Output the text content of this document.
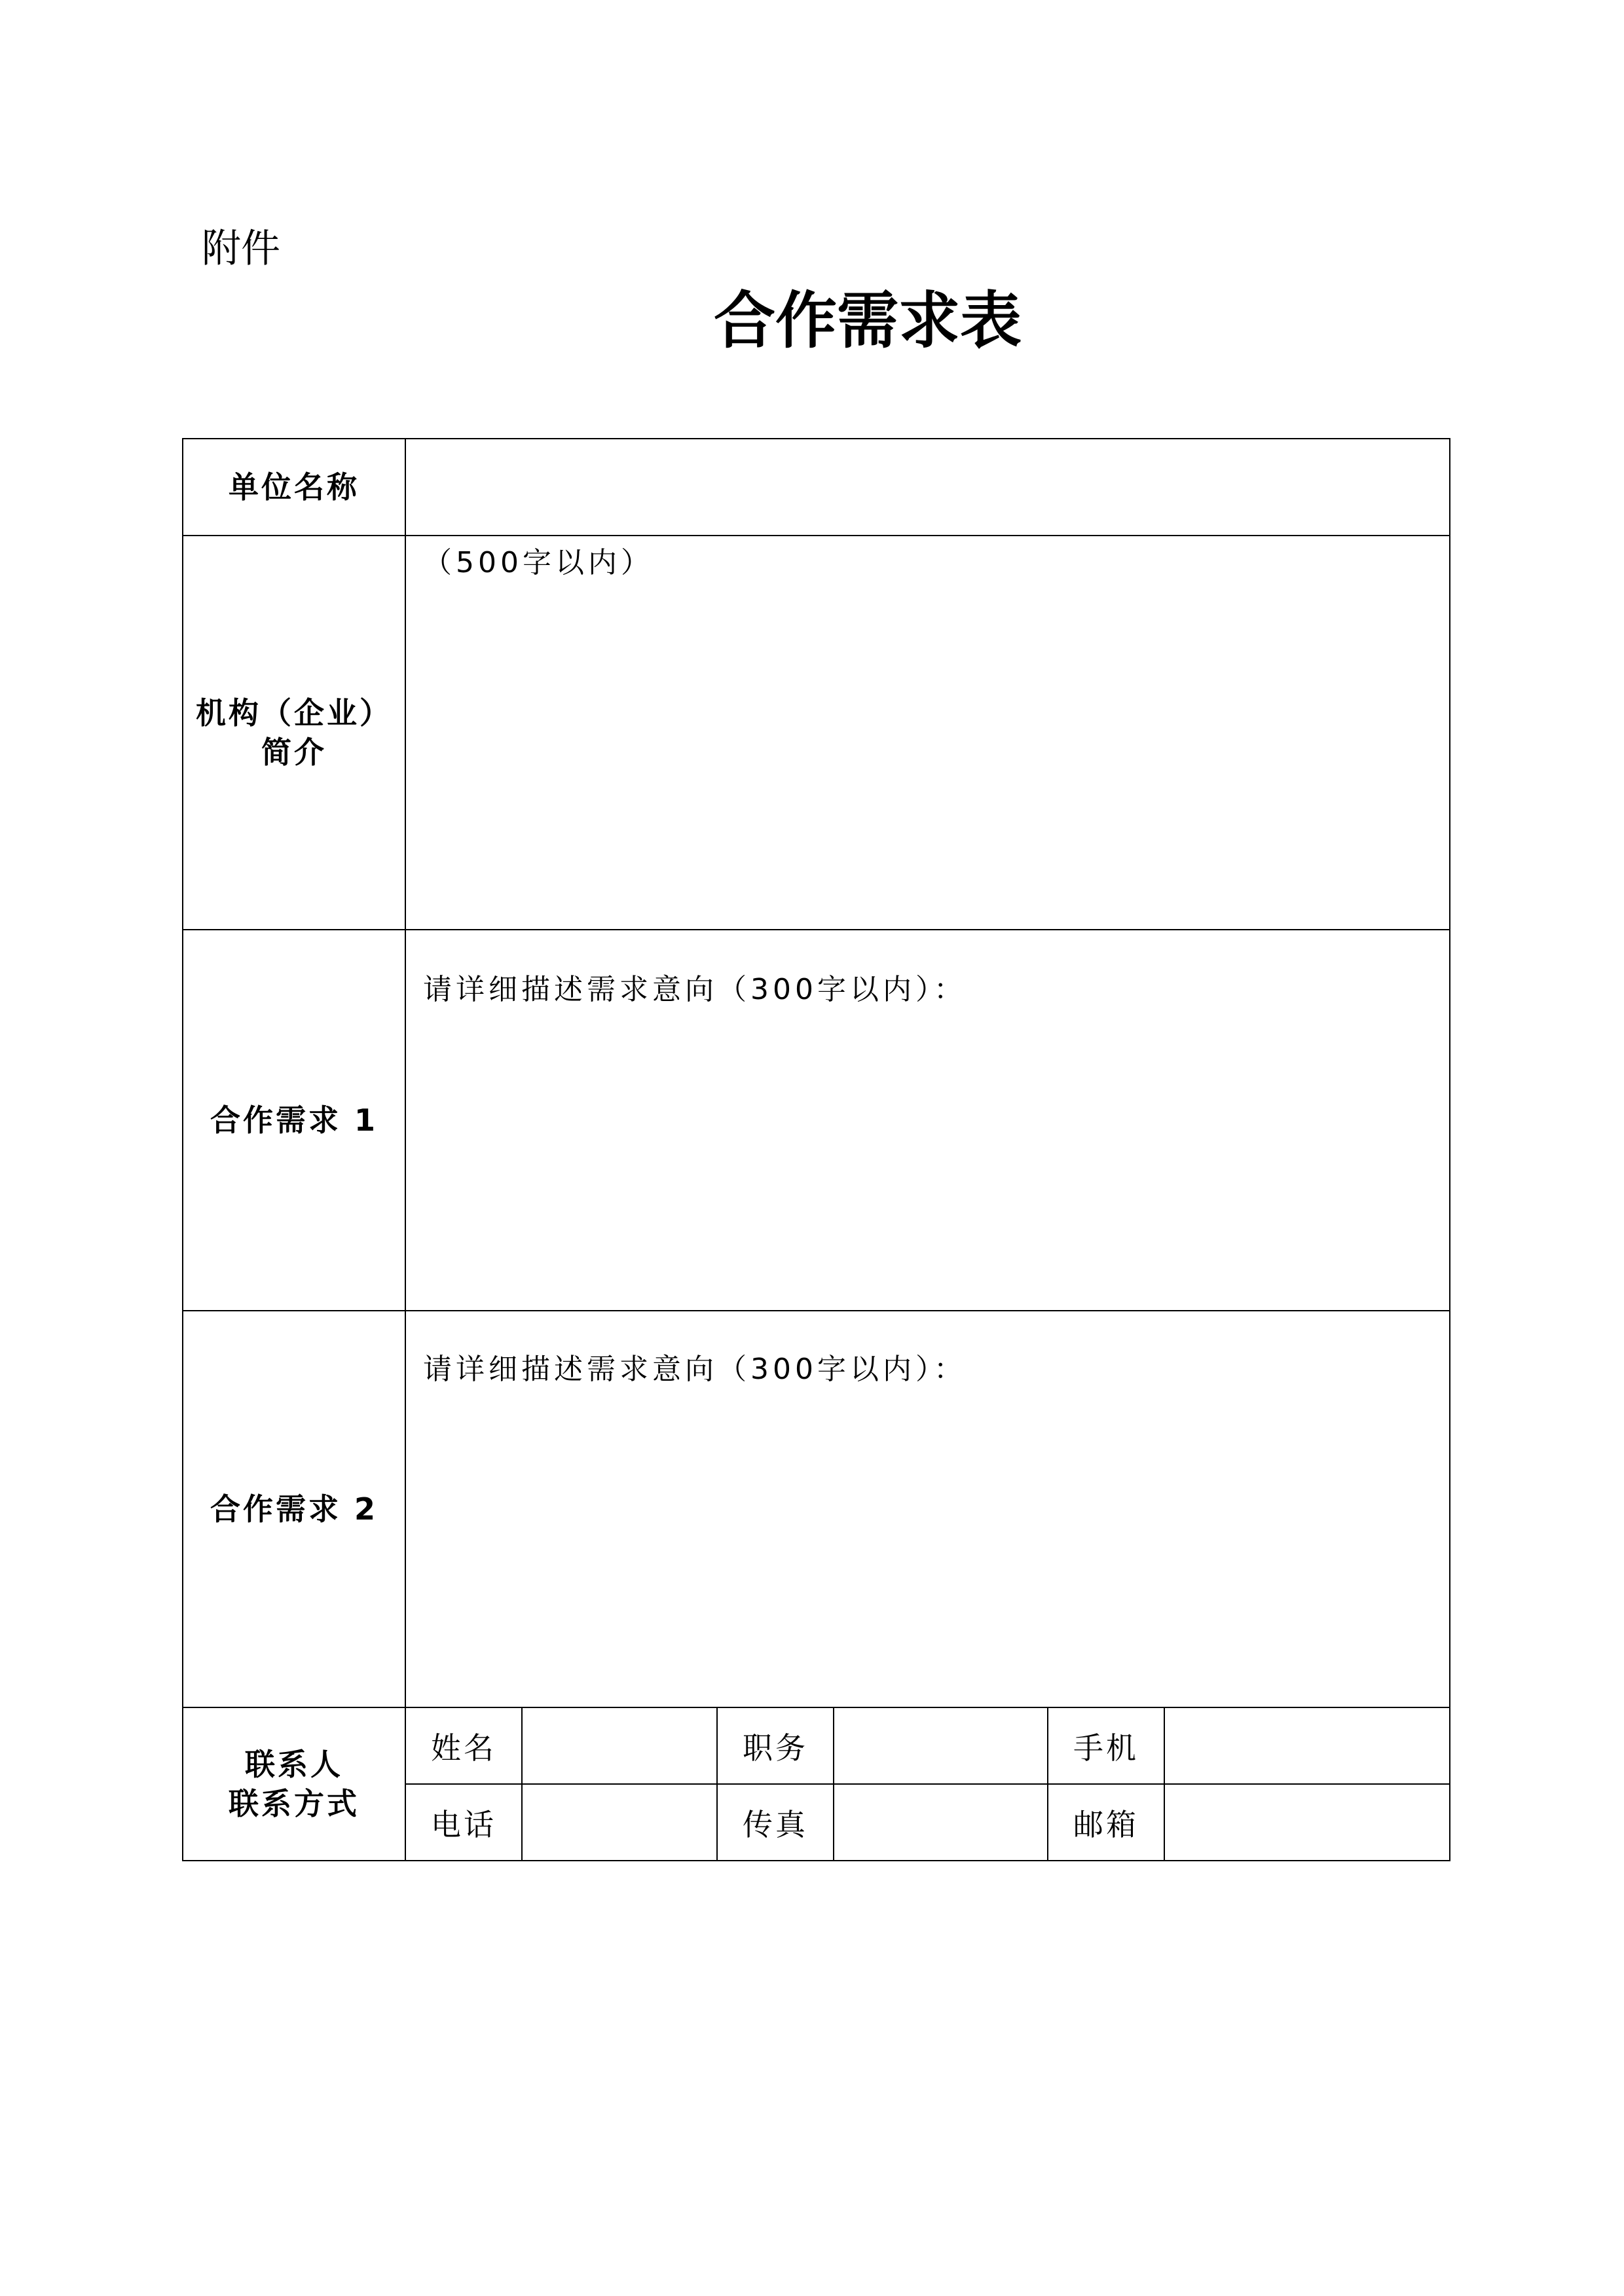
附件
合作需求表
单位名称						

机构（企业）
简介	（500字以内）					

合作需求 1	请详细描述需求意向（300字以内）：					

合作需求 2	请详细描述需求意向（300字以内）：					

联系人
联系方式	姓名		职务		手机	
	电话		传真		邮箱	
